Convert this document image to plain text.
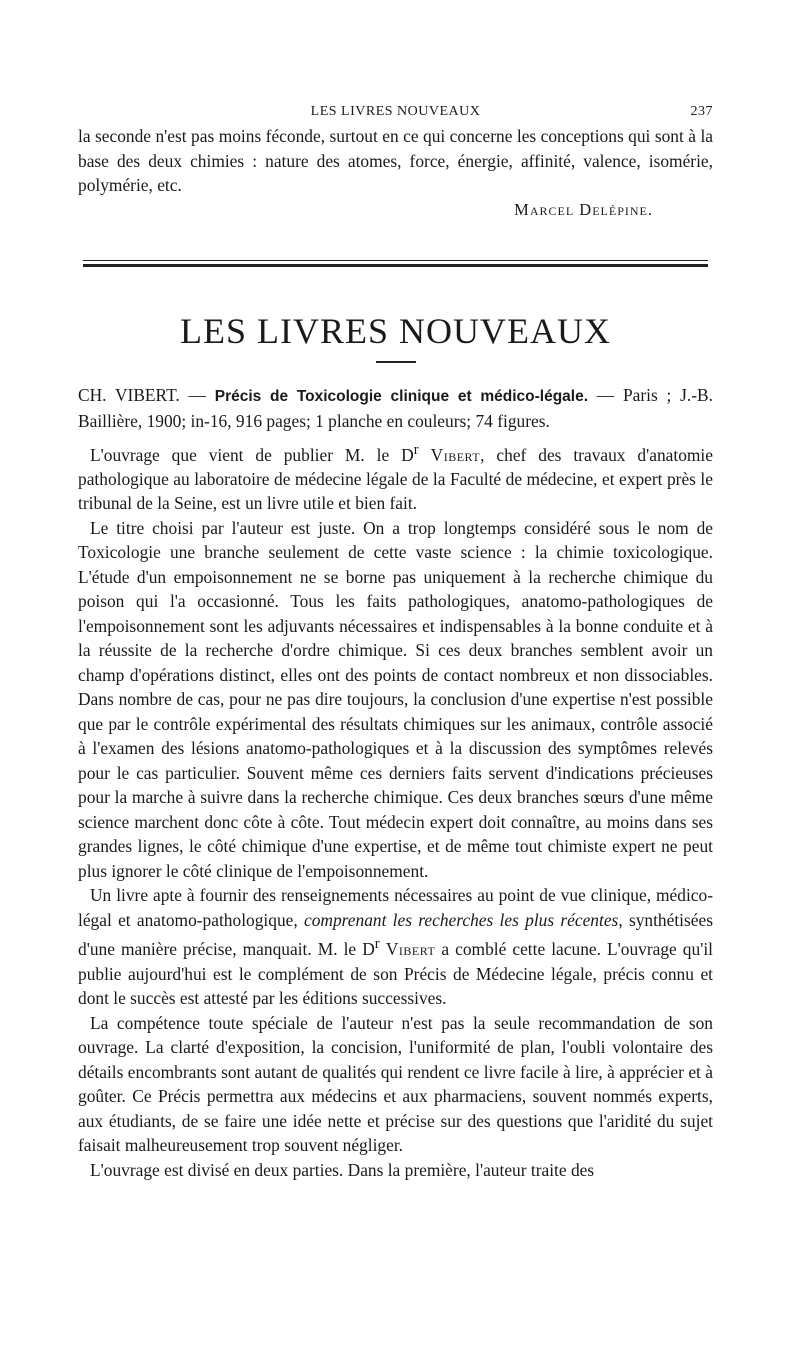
LES LIVRES NOUVEAUX	237

la seconde n'est pas moins féconde, surtout en ce qui concerne les conceptions qui sont à la base des deux chimies : nature des atomes, force, énergie, affinité, valence, isomérie, polymérie, etc.

Marcel Delépine.

LES LIVRES NOUVEAUX

CH. VIBERT. — Précis de Toxicologie clinique et médico-légale. — Paris ; J.-B. Baillière, 1900; in-16, 916 pages; 1 planche en couleurs; 74 figures.

L'ouvrage que vient de publier M. le $D^r$ Vibert, chef des travaux d'anatomie pathologique au laboratoire de médecine légale de la Faculté de médecine, et expert près le tribunal de la Seine, est un livre utile et bien fait.

Le titre choisi par l'auteur est juste. On a trop longtemps considéré sous le nom de Toxicologie une branche seulement de cette vaste science : la chimie toxicologique. L'étude d'un empoisonnement ne se borne pas uniquement à la recherche chimique du poison qui l'a occasionné. Tous les faits pathologiques, anatomo-pathologiques de l'empoisonnement sont les adjuvants nécessaires et indispensables à la bonne conduite et à la réussite de la recherche d'ordre chimique. Si ces deux branches semblent avoir un champ d'opérations distinct, elles ont des points de contact nombreux et non dissociables. Dans nombre de cas, pour ne pas dire toujours, la conclusion d'une expertise n'est possible que par le contrôle expérimental des résultats chimiques sur les animaux, contrôle associé à l'examen des lésions anatomo-pathologiques et à la discussion des symptômes relevés pour le cas particulier. Souvent même ces derniers faits servent d'indications précieuses pour la marche à suivre dans la recherche chimique. Ces deux branches sœurs d'une même science marchent donc côte à côte. Tout médecin expert doit connaître, au moins dans ses grandes lignes, le côté chimique d'une expertise, et de même tout chimiste expert ne peut plus ignorer le côté clinique de l'empoisonnement.

Un livre apte à fournir des renseignements nécessaires au point de vue clinique, médico-légal et anatomo-pathologique, comprenant les recherches les plus récentes, synthétisées d'une manière précise, manquait. M. le $D^r$ Vibert a comblé cette lacune. L'ouvrage qu'il publie aujourd'hui est le complément de son Précis de Médecine légale, précis connu et dont le succès est attesté par les éditions successives.

La compétence toute spéciale de l'auteur n'est pas la seule recommandation de son ouvrage. La clarté d'exposition, la concision, l'uniformité de plan, l'oubli volontaire des détails encombrants sont autant de qualités qui rendent ce livre facile à lire, à apprécier et à goûter. Ce Précis permettra aux médecins et aux pharmaciens, souvent nommés experts, aux étudiants, de se faire une idée nette et précise sur des questions que l'aridité du sujet faisait malheureusement trop souvent négliger.

L'ouvrage est divisé en deux parties. Dans la première, l'auteur traite des
